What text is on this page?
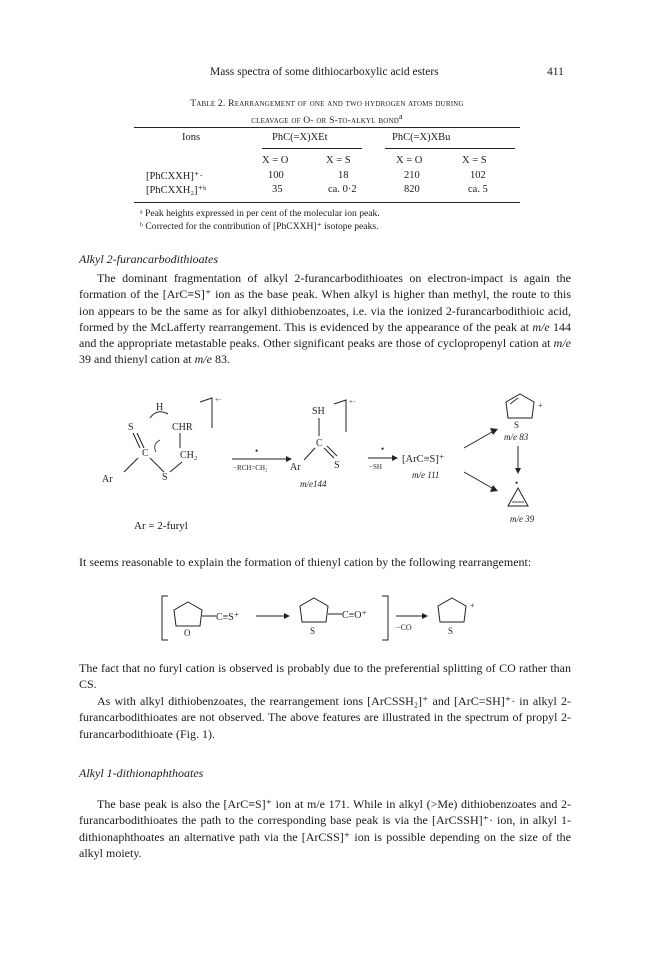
Mass spectra of some dithiocarboxylic acid esters	411
Table 2. Rearrangement of one and two hydrogen atoms during
cleavage of O- or S-to-alkyl bond$^a$
Ions	PhC(=X)XEt	PhC(=X)XBu
X = O	X = S	X = O	X = S
[PhCXXH]⁺·	100	18	210	102
[PhCXXH₂]⁺ᵇ	35	ca. 0·2	820	ca. 5
ᵃ Peak heights expressed in per cent of the molecular ion peak.
ᵇ Corrected for the contribution of [PhCXXH]⁺ isotope peaks.
Alkyl 2-furancarbodithioates

The dominant fragmentation of alkyl 2-furancarbodithioates on electron-impact is again the formation of the [ArC≡S]⁺ ion as the base peak. When alkyl is higher than methyl, the route to this ion appears to be the same as for alkyl dithiobenzoates, i.e. via the ionized 2-furancarbodithioic acid, formed by the McLafferty rearrangement. This is evidenced by the appearance of the peak at m/e 144 and the appropriate metastable peaks. Other significant peaks are those of cyclopropenyl cation at m/e 39 and thienyl cation at m/e 83.

H
S	CHR
C	CH₂
S
Ar
+·
•
−RCH=CH₂
SH
C
Ar	S
+·
m/e144
•
−SH
[ArC≡S]⁺
m/e 111
S
+
m/e 83
•
m/e 39
Ar = 2-furyl

It seems reasonable to explain the formation of thienyl cation by the following rearrangement:

O
C≡S⁺
S
C≡O⁺
−CO	S
+

The fact that no furyl cation is observed is probably due to the preferential splitting of CO rather than CS.

As with alkyl dithiobenzoates, the rearrangement ions [ArCSSH₂]⁺ and [ArC=SH]⁺· in alkyl 2-furancarbodithioates are not observed. The above features are illustrated in the spectrum of propyl 2-furancarbodithioate (Fig. 1).

Alkyl 1-dithionaphthoates

The base peak is also the [ArC≡S]⁺ ion at m/e 171. While in alkyl (>Me) dithiobenzoates and 2-furancarbodithioates the path to the corresponding base peak is via the [ArCSSH]⁺· ion, in alkyl 1-dithionaphthoates an alternative path via the [ArCSS]⁺ ion is possible depending on the size of the alkyl moiety.
